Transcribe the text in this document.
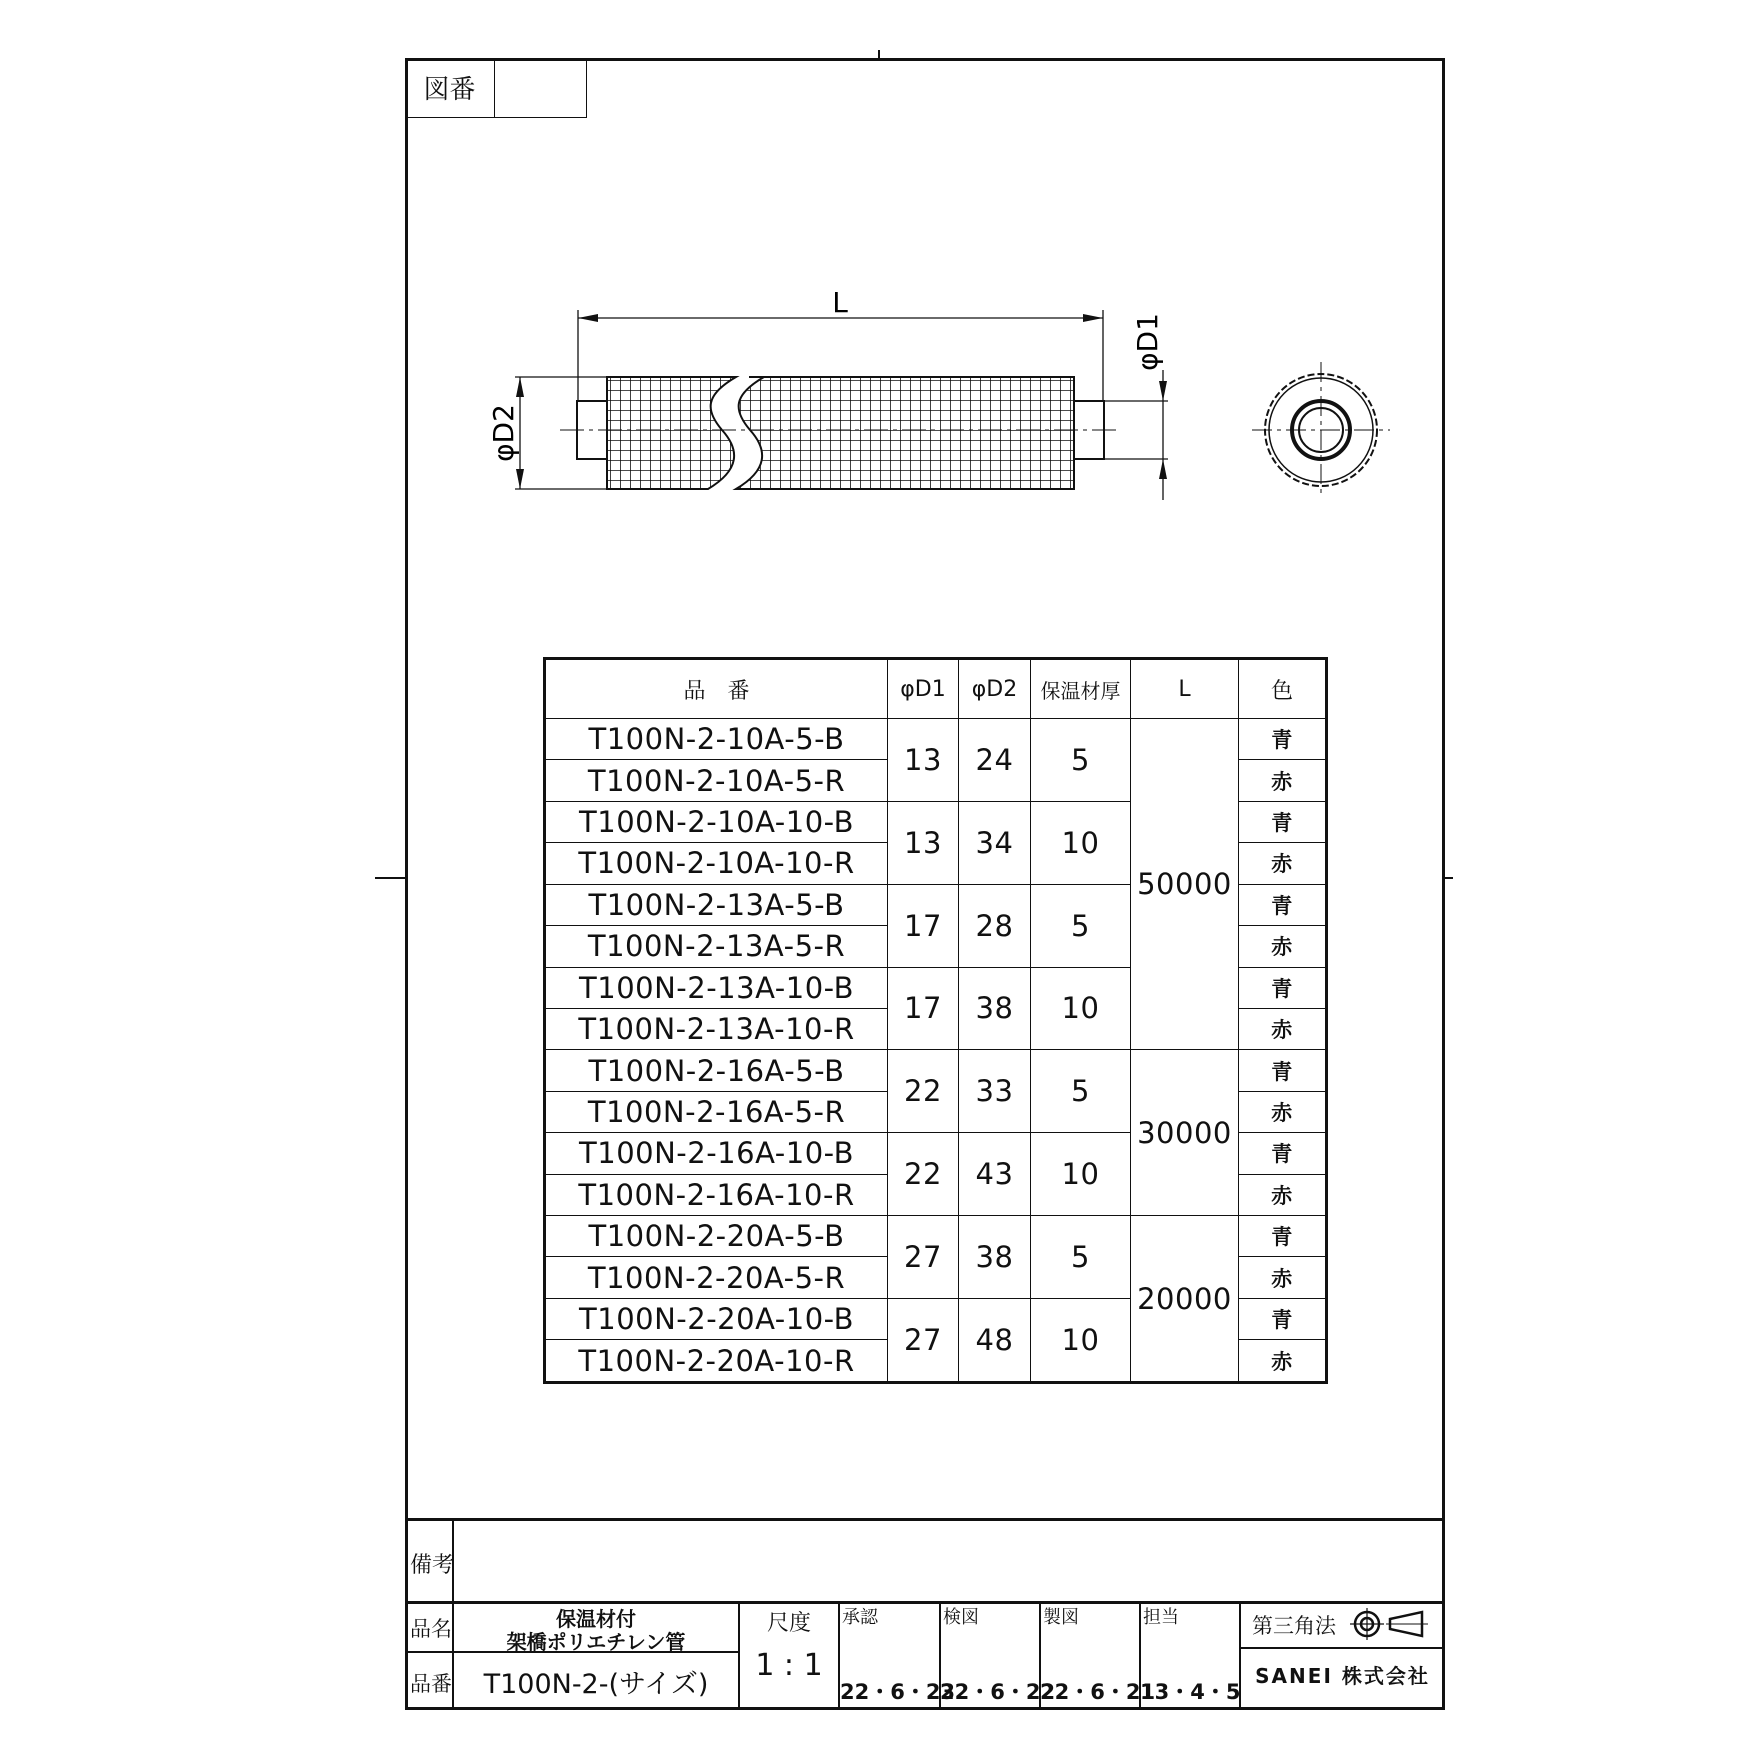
図番
L
φD2
φD1
品　番	φD1	φD2	保温材厚	L	色
T100N-2-10A-5-B	13	24	5	50000	青
T100N-2-10A-5-R					赤
T100N-2-10A-10-B	13	34	10		青
T100N-2-10A-10-R					赤
T100N-2-13A-5-B	17	28	5		青
T100N-2-13A-5-R					赤
T100N-2-13A-10-B	17	38	10		青
T100N-2-13A-10-R					赤
T100N-2-16A-5-B	22	33	5	30000	青
T100N-2-16A-5-R					赤
T100N-2-16A-10-B	22	43	10		青
T100N-2-16A-10-R					赤
T100N-2-20A-5-B	27	38	5	20000	青
T100N-2-20A-5-R					赤
T100N-2-20A-10-B	27	48	10		青
T100N-2-20A-10-R					赤
備考
品名	保温材付
架橋ポリエチレン管
品番	T100N-2-(サイズ)
尺度
1 : 1
承認
22・6・23
検図
22・6・22
製図
22・6・21
担当
13・4・5
第三角法
SANEI 株式会社
